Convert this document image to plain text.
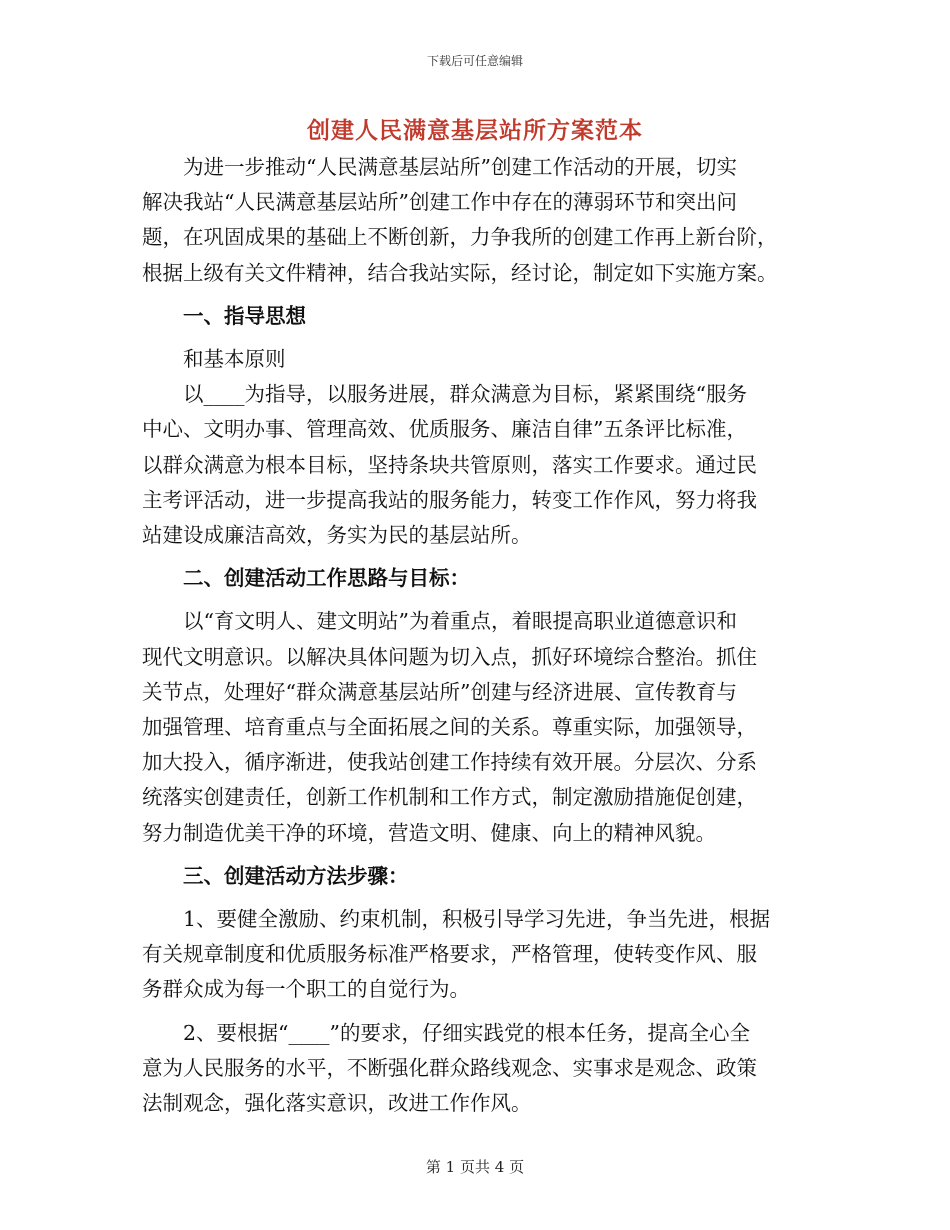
下载后可任意编辑
创建人民满意基层站所方案范本

为进一步推动“人民满意基层站所”创建工作活动的开展，切实

解决我站“人民满意基层站所”创建工作中存在的薄弱环节和突出问

题，在巩固成果的基础上不断创新，力争我所的创建工作再上新台阶，

根据上级有关文件精神，结合我站实际，经讨论，制定如下实施方案。

一、指导思想

和基本原则

以____为指导，以服务进展，群众满意为目标，紧紧围绕“服务

中心、文明办事、管理高效、优质服务、廉洁自律”五条评比标准，

以群众满意为根本目标，坚持条块共管原则，落实工作要求。通过民

主考评活动，进一步提高我站的服务能力，转变工作作风，努力将我

站建设成廉洁高效，务实为民的基层站所。

二、创建活动工作思路与目标：

以“育文明人、建文明站”为着重点，着眼提高职业道德意识和

现代文明意识。以解决具体问题为切入点，抓好环境综合整治。抓住

关节点，处理好“群众满意基层站所”创建与经济进展、宣传教育与

加强管理、培育重点与全面拓展之间的关系。尊重实际，加强领导，

加大投入，循序渐进，使我站创建工作持续有效开展。分层次、分系

统落实创建责任，创新工作机制和工作方式，制定激励措施促创建，

努力制造优美干净的环境，营造文明、健康、向上的精神风貌。

三、创建活动方法步骤：

1、要健全激励、约束机制，积极引导学习先进，争当先进，根据

有关规章制度和优质服务标准严格要求，严格管理，使转变作风、服

务群众成为每一个职工的自觉行为。

2、要根据“____”的要求，仔细实践党的根本任务，提高全心全

意为人民服务的水平，不断强化群众路线观念、实事求是观念、政策

法制观念，强化落实意识，改进工作作风。

第 1 页共 4 页
